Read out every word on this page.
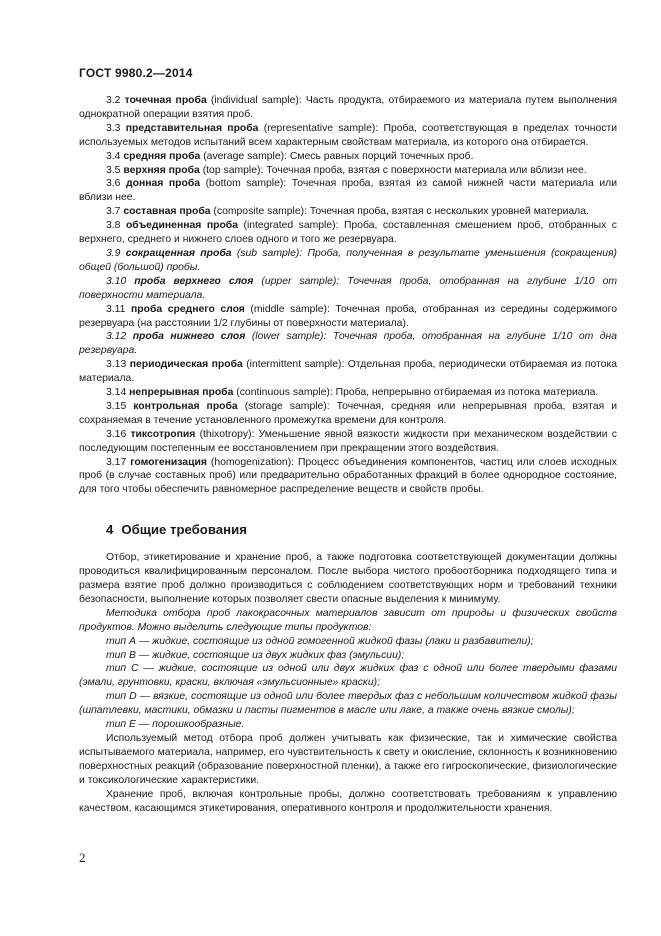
ГОСТ 9980.2—2014

3.2 точечная проба (individual sample): Часть продукта, отбираемого из материала путем выполнения однократной операции взятия проб.

3.3 представительная проба (representative sample): Проба, соответствующая в пределах точности используемых методов испытаний всем характерным свойствам материала, из которого она отбирается.

3.4 средняя проба (average sample): Смесь равных порций точечных проб.

3.5 верхняя проба (top sample): Точечная проба, взятая с поверхности материала или вблизи нее.

3.6 донная проба (bottom sample): Точечная проба, взятая из самой нижней части материала или вблизи нее.

3.7 составная проба (composite sample): Точечная проба, взятая с нескольких уровней материала.

3.8 объединенная проба (integrated sample): Проба, составленная смешением проб, отобранных с верхнего, среднего и нижнего слоев одного и того же резервуара.

3.9 сокращенная проба (sub sample): Проба, полученная в результате уменьшения (сокращения) общей (большой) пробы.

3.10 проба верхнего слоя (upper sample): Точечная проба, отобранная на глубине 1/10 от поверхности материала.

3.11 проба среднего слоя (middle sample): Точечная проба, отобранная из середины содержимого резервуара (на расстоянии 1/2 глубины от поверхности материала).

3.12 проба нижнего слоя (lower sample): Точечная проба, отобранная на глубине 1/10 от дна резервуара.

3.13 периодическая проба (intermittent sample): Отдельная проба, периодически отбираемая из потока материала.

3.14 непрерывная проба (continuous sample): Проба, непрерывно отбираемая из потока материала.

3.15 контрольная проба (storage sample): Точечная, средняя или непрерывная проба, взятая и сохраняемая в течение установленного промежутка времени для контроля.

3.16 тиксотропия (thixotropy): Уменьшение явной вязкости жидкости при механическом воздействии с последующим постепенным ее восстановлением при прекращении этого воздействия.

3.17 гомогенизация (homogenization): Процесс объединения компонентов, частиц или слоев исходных проб (в случае составных проб) или предварительно обработанных фракций в более однородное состояние, для того чтобы обеспечить равномерное распределение веществ и свойств пробы.

4 Общие требования

Отбор, этикетирование и хранение проб, а также подготовка соответствующей документации должны проводиться квалифицированным персоналом. После выбора чистого пробоотборника подходящего типа и размера взятие проб должно производиться с соблюдением соответствующих норм и требований техники безопасности, выполнение которых позволяет свести опасные выделения к минимуму.

Методика отбора проб лакокрасочных материалов зависит от природы и физических свойств продуктов. Можно выделить следующие типы продуктов:

тип А — жидкие, состоящие из одной гомогенной жидкой фазы (лаки и разбавители);

тип В — жидкие, состоящие из двух жидких фаз (эмульсии);

тип С — жидкие, состоящие из одной или двух жидких фаз с одной или более твердыми фазами (эмали, грунтовки, краски, включая «эмульсионные» краски);

тип D — вязкие, состоящие из одной или более твердых фаз с небольшим количеством жидкой фазы (шпатлевки, мастики, обмазки и пасты пигментов в масле или лаке, а также очень вязкие смолы);

тип Е — порошкообразные.

Используемый метод отбора проб должен учитывать как физические, так и химические свойства испытываемого материала, например, его чувствительность к свету и окисление, склонность к возникновению поверхностных реакций (образование поверхностной пленки), а также его гигроскопические, физиологические и токсикологические характеристики.

Хранение проб, включая контрольные пробы, должно соответствовать требованиям к управлению качеством, касающимся этикетирования, оперативного контроля и продолжительности хранения.

2
